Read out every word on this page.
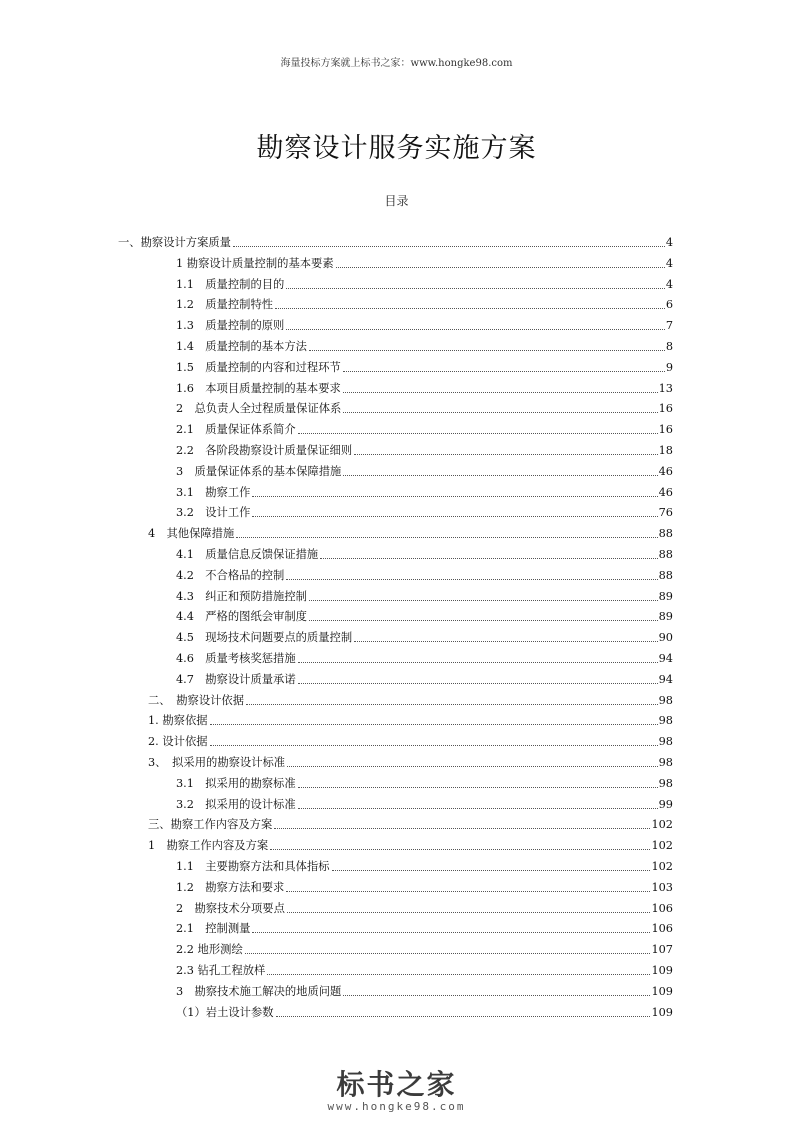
海量投标方案就上标书之家：www.hongke98.com
勘察设计服务实施方案
目录
一、勘察设计方案质量	4
1 勘察设计质量控制的基本要素	4
1.1　质量控制的目的	4
1.2　质量控制特性	6
1.3　质量控制的原则	7
1.4　质量控制的基本方法	8
1.5　质量控制的内容和过程环节	9
1.6　本项目质量控制的基本要求	13
2　总负责人全过程质量保证体系	16
2.1　质量保证体系简介	16
2.2　各阶段勘察设计质量保证细则	18
3　质量保证体系的基本保障措施	46
3.1　勘察工作	46
3.2　设计工作	76
4　其他保障措施	88
4.1　质量信息反馈保证措施	88
4.2　不合格品的控制	88
4.3　纠正和预防措施控制	89
4.4　严格的图纸会审制度	89
4.5　现场技术问题要点的质量控制	90
4.6　质量考核奖惩措施	94
4.7　勘察设计质量承诺	94
二、　勘察设计依据	98
1. 勘察依据	98
2. 设计依据	98
3、　拟采用的勘察设计标准	98
3.1　拟采用的勘察标准	98
3.2　拟采用的设计标准	99
三、勘察工作内容及方案	102
1　勘察工作内容及方案	102
1.1　主要勘察方法和具体指标	102
1.2　勘察方法和要求	103
2　勘察技术分项要点	106
2.1　控制测量	106
2.2 地形测绘	107
2.3 钻孔工程放样	109
3　勘察技术施工解决的地质问题	109
（1）岩土设计参数	109
标书之家
www.hongke98.com
